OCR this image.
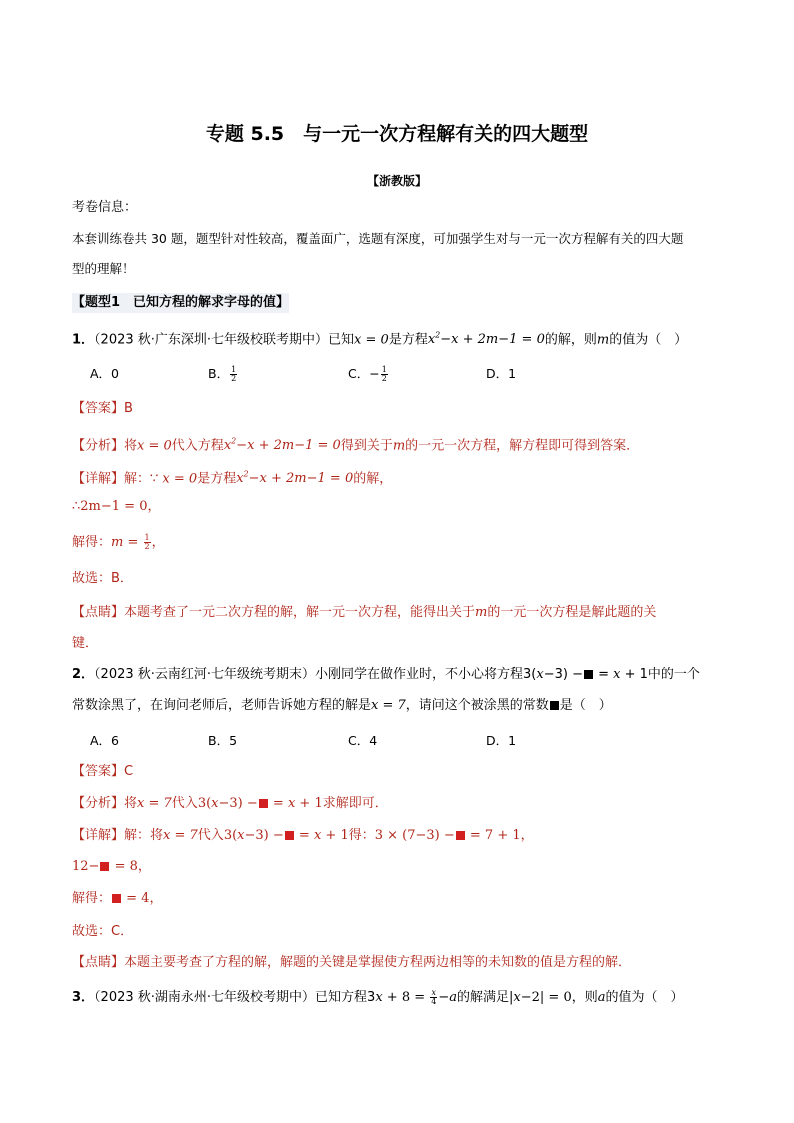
专题 5.5　与一元一次方程解有关的四大题型
【浙教版】
考卷信息：
本套训练卷共 30 题，题型针对性较高，覆盖面广，选题有深度，可加强学生对与一元一次方程解有关的四大题
型的理解！
【题型1　已知方程的解求字母的值】
1．（2023 秋·广东深圳·七年级校联考期中）已知x = 0是方程$x^2-x + 2m-1 = 0$的解，则m的值为（　）
A．0	B． $\frac{1}{2}$	C．− $\frac{1}{2}$	D．1
【答案】B
【分析】将x = 0代入方程$x^2-x + 2m-1 = 0$得到关于m的一元一次方程，解方程即可得到答案．
【详解】解：∵ x = 0是方程$x^2-x + 2m-1 = 0$的解，
∴2m−1 = 0，
解得：$m = \frac{1}{2}$ ，
故选：B．
【点睛】本题考查了一元二次方程的解，解一元一次方程，能得出关于m的一元一次方程是解此题的关
键．
2．（2023 秋·云南红河·七年级统考期末）小刚同学在做作业时，不小心将方程3(x−3) − = x + 1中的一个
常数涂黑了，在询问老师后，老师告诉她方程的解是x = 7，请问这个被涂黑的常数 是（　）
A．6	B．5	C．4	D．1
【答案】C
【分析】将x = 7代入3(x−3) − = x + 1求解即可．
【详解】解：将x = 7代入3(x−3) − = x + 1得：3 × (7−3) − = 7 + 1，
12− = 8，
解得： = 4，
故选：C．
【点睛】本题主要考查了方程的解，解题的关键是掌握使方程两边相等的未知数的值是方程的解．
3．（2023 秋·湖南永州·七年级校考期中）已知方程$3x + 8 = \frac{x}{4} -a$的解满足|x−2| = 0，则a的值为（　）
